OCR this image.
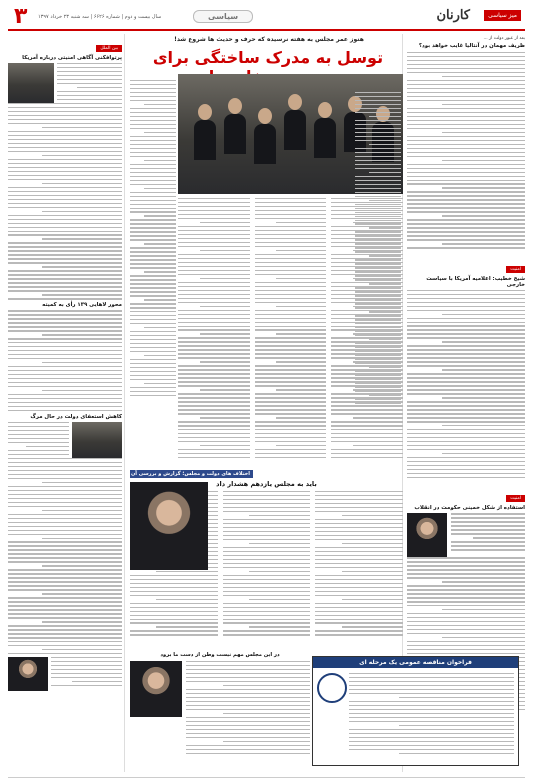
۳ سال بیست و دوم | شماره ۶۶۲۶ | سه شنبه ۲۳ خرداد ۱۳۹۷	سیاسی	کارنان	میز سیاسی
بعد از عبور دولت از ...
ظریف مهمان در آنتالیا غایب خواهد بود؟
امنیت
شیخ خطیب: اعلامیه آمریکا با سیاست خارجی
امنیت
استفاده از شکل خمینی حکومت در انقلاب
هنوز عمر مجلس به هفته نرسیده که حرف و حدیث ها شروع شد!
توسل به مدرک ساختگی برای
اختلاف های دولت و مجلس؛ گزارش و بررسی آن
باید به مجلس یازدهم هشدار داد
در این مجلس مهم نیست وطن از دست ما برود
فراخوان مناقصه عمومی یک مرحله ای
بین الملل
پرتوافکنی آگاهی امنیتی درباره آمریکا
محور لاهایی ۱۳۹ رأی به کمیته
کاهش استعفای دولت در حال مرگ
